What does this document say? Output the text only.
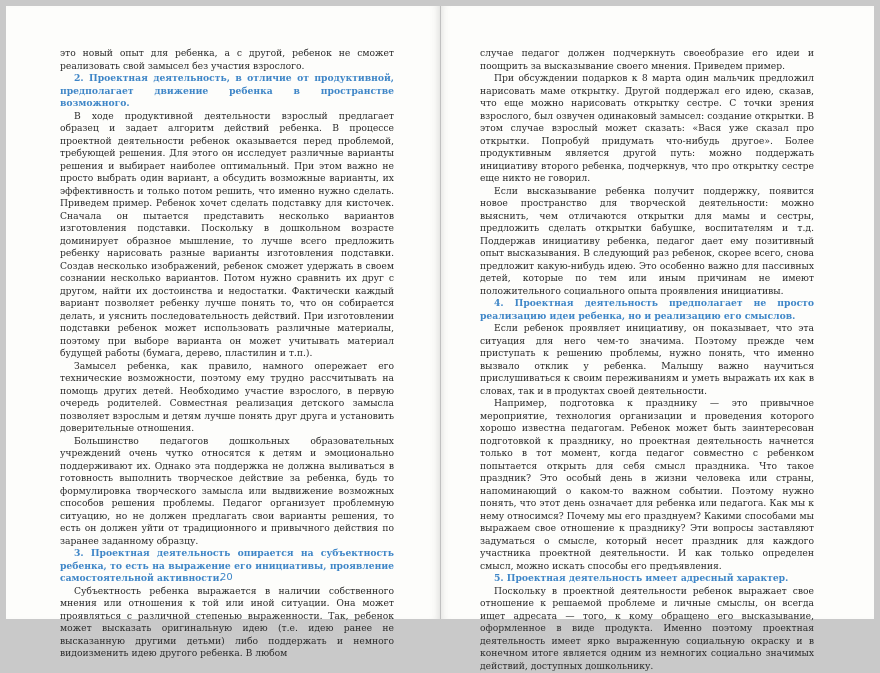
это новый опыт для ребенка, а с другой, ребенок не сможет реализовать свой замысел без участия взрослого.

2. Проектная деятельность, в отличие от продуктивной, предполагает движение ребенка в пространстве возможного.

В ходе продуктивной деятельности взрослый предлагает образец и задает алгоритм действий ребенка. В процессе проектной деятельности ребенок оказывается перед проблемой, требующей решения. Для этого он исследует различные варианты решения и выбирает наиболее оптимальный. При этом важно не просто выбрать один вариант, а обсудить возможные варианты, их эффективность и только потом решить, что именно нужно сделать. Приведем пример. Ребенок хочет сделать подставку для кисточек. Сначала он пытается представить несколько вариантов изготовления подставки. Поскольку в дошкольном возрасте доминирует образное мышление, то лучше всего предложить ребенку нарисовать разные варианты изготовления подставки. Создав несколько изображений, ребенок сможет удержать в своем сознании несколько вариантов. Потом нужно сравнить их друг с другом, найти их достоинства и недостатки. Фактически каждый вариант позволяет ребенку лучше понять то, что он собирается делать, и уяснить последовательность действий. При изготовлении подставки ребенок может использовать различные материалы, поэтому при выборе варианта он может учитывать материал будущей работы (бумага, дерево, пластилин и т.п.).

Замысел ребенка, как правило, намного опережает его технические возможности, поэтому ему трудно рассчитывать на помощь других детей. Необходимо участие взрослого, в первую очередь родителей. Совместная реализация детского замысла позволяет взрослым и детям лучше понять друг друга и установить доверительные отношения.

Большинство педагогов дошкольных образовательных учреждений очень чутко относятся к детям и эмоционально поддерживают их. Однако эта поддержка не должна выливаться в готовность выполнить творческое действие за ребенка, будь то формулировка творческого замысла или выдвижение возможных способов решения проблемы. Педагог организует проблемную ситуацию, но не должен предлагать свои варианты решения, то есть он должен уйти от традиционного и привычного действия по заранее заданному образцу.

3. Проектная деятельность опирается на субъектность ребенка, то есть на выражение его инициативы, проявление самостоятельной активности.

Субъектность ребенка выражается в наличии собственного мнения или отношения к той или иной ситуации. Она может проявляться с различной степенью выраженности. Так, ребенок может высказать оригинальную идею (т.е. идею ранее не высказанную другими детьми) либо поддержать и немного видоизменить идею другого ребенка. В любом

20

случае педагог должен подчеркнуть своеобразие его идеи и поощрить за высказывание своего мнения. Приведем пример.

При обсуждении подарков к 8 марта один мальчик предложил нарисовать маме открытку. Другой поддержал его идею, сказав, что еще можно нарисовать открытку сестре. С точки зрения взрослого, был озвучен одинаковый замысел: создание открытки. В этом случае взрослый может сказать: «Вася уже сказал про открытки. Попробуй придумать что-нибудь другое». Более продуктивным является другой путь: можно поддержать инициативу второго ребенка, подчеркнув, что про открытку сестре еще никто не говорил.

Если высказывание ребенка получит поддержку, появится новое пространство для творческой деятельности: можно выяснить, чем отличаются открытки для мамы и сестры, предложить сделать открытки бабушке, воспитателям и т.д. Поддержав инициативу ребенка, педагог дает ему позитивный опыт высказывания. В следующий раз ребенок, скорее всего, снова предложит какую-нибудь идею. Это особенно важно для пассивных детей, которые по тем или иным причинам не имеют положительного социального опыта проявления инициативы.

4. Проектная деятельность предполагает не просто реализацию идеи ребенка, но и реализацию его смыслов.

Если ребенок проявляет инициативу, он показывает, что эта ситуация для него чем-то значима. Поэтому прежде чем приступать к решению проблемы, нужно понять, что именно вызвало отклик у ребенка. Малышу важно научиться прислушиваться к своим переживаниям и уметь выражать их как в словах, так и в продуктах своей деятельности.

Например, подготовка к празднику — это привычное мероприятие, технология организации и проведения которого хорошо известна педагогам. Ребенок может быть заинтересован подготовкой к празднику, но проектная деятельность начнется только в тот момент, когда педагог совместно с ребенком попытается открыть для себя смысл праздника. Что такое праздник? Это особый день в жизни человека или страны, напоминающий о каком-то важном событии. Поэтому нужно понять, что этот день означает для ребенка или педагога. Как мы к нему относимся? Почему мы его празднуем? Какими способами мы выражаем свое отношение к празднику? Эти вопросы заставляют задуматься о смысле, который несет праздник для каждого участника проектной деятельности. И как только определен смысл, можно искать способы его предъявления.

5. Проектная деятельность имеет адресный характер.

Поскольку в проектной деятельности ребенок выражает свое отношение к решаемой проблеме и личные смыслы, он всегда ищет адресата — того, к кому обращено его высказывание, оформленное в виде продукта. Именно поэтому проектная деятельность имеет ярко выраженную социальную окраску и в конечном итоге является одним из немногих социально значимых действий, доступных дошкольнику.
